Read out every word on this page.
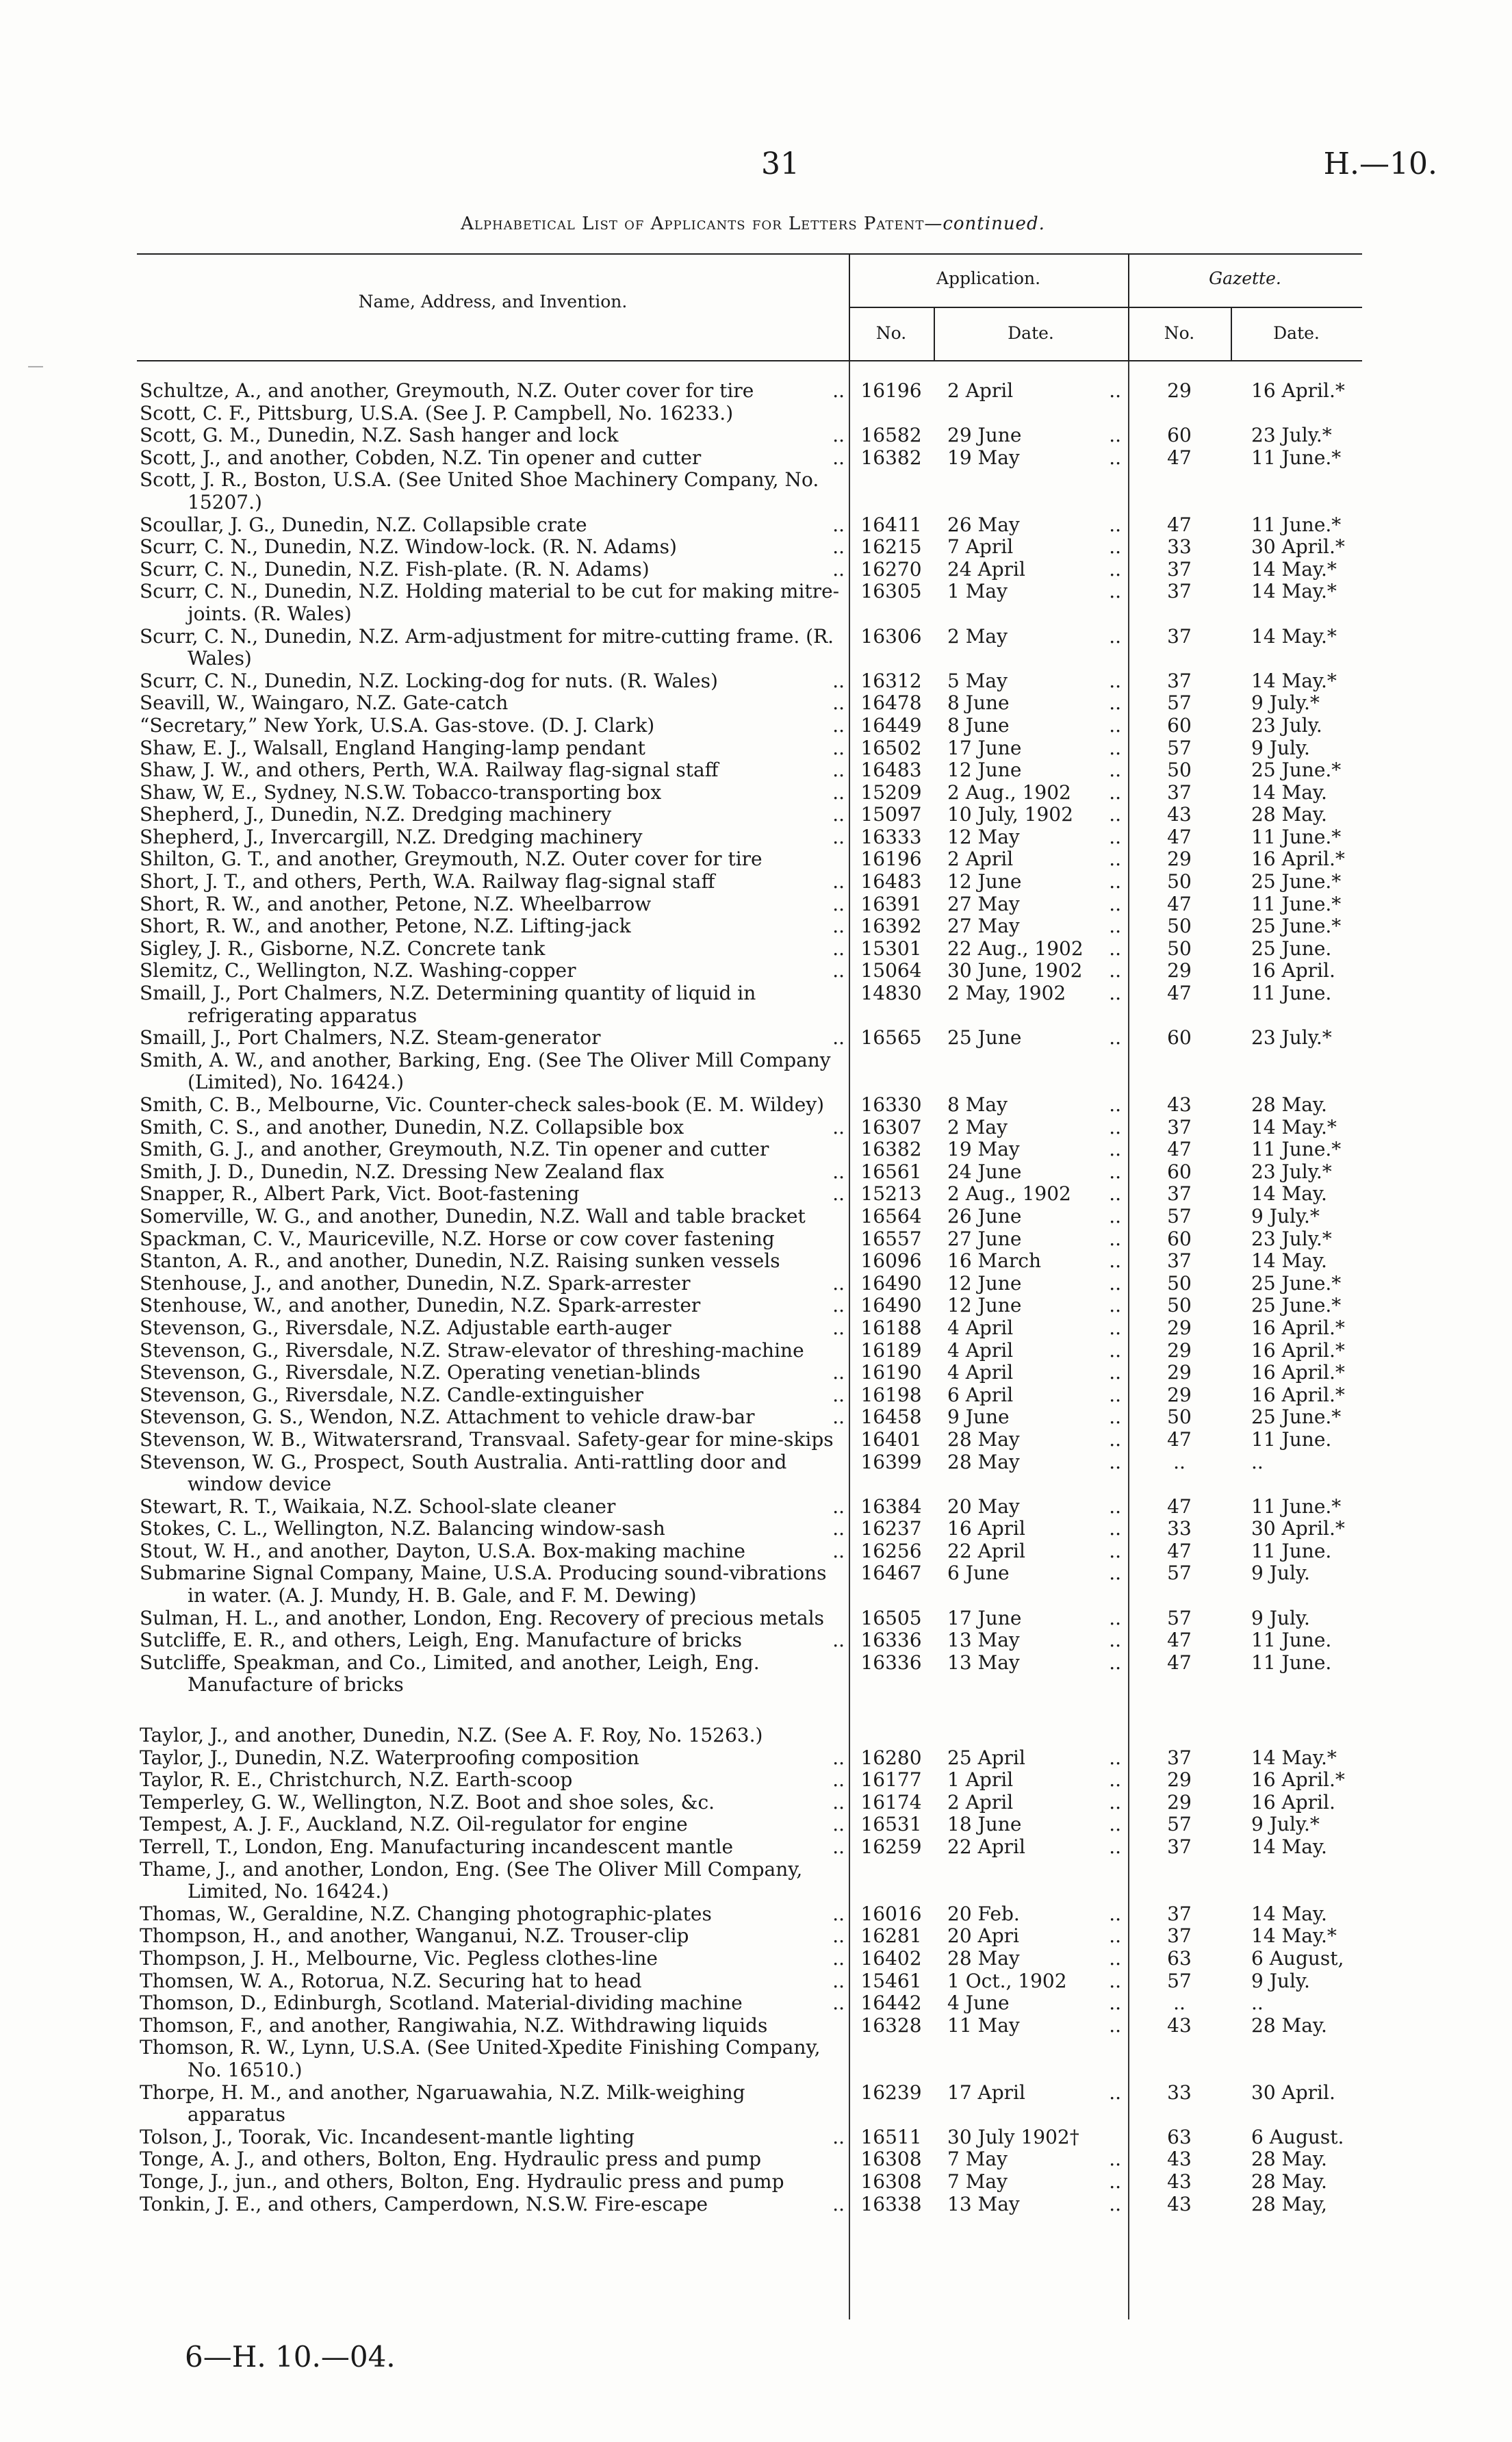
31	H.—10.
Alphabetical List of Applicants for Letters Patent—continued.
Name, Address, and Invention.
Application.	Gazette.
No.	Date.	No.	Date.
Schultze, A., and another, Greymouth, N.Z. Outer cover for tire	.. 16196	2 April	..	29	16 April.*
Scott, C. F., Pittsburg, U.S.A. (See J. P. Campbell, No. 16233.)
Scott, G. M., Dunedin, N.Z. Sash hanger and lock	.. 16582	29 June	..	60	23 July.*
Scott, J., and another, Cobden, N.Z. Tin opener and cutter	.. 16382	19 May	..	47	11 June.*
Scott, J. R., Boston, U.S.A. (See United Shoe Machinery Company, No. 15207.)
Scoullar, J. G., Dunedin, N.Z. Collapsible crate	.. 16411	26 May	..	47	11 June.*
Scurr, C. N., Dunedin, N.Z. Window-lock. (R. N. Adams)	.. 16215	7 April	..	33	30 April.*
Scurr, C. N., Dunedin, N.Z. Fish-plate. (R. N. Adams)	.. 16270	24 April	..	37	14 May.*
Scurr, C. N., Dunedin, N.Z. Holding material to be cut for making mitre-joints. (R. Wales)
16305	1 May	..	37	14 May.*
Scurr, C. N., Dunedin, N.Z. Arm-adjustment for mitre-cutting frame. (R. Wales)
16306	2 May	..	37	14 May.*
Scurr, C. N., Dunedin, N.Z. Locking-dog for nuts. (R. Wales)	.. 16312	5 May	..	37	14 May.*
Seavill, W., Waingaro, N.Z. Gate-catch	.. 16478	8 June	..	57	9 July.*
“Secretary,” New York, U.S.A. Gas-stove. (D. J. Clark)	.. 16449	8 June	..	60	23 July.
Shaw, E. J., Walsall, England Hanging-lamp pendant	.. 16502	17 June	..	57	9 July.
Shaw, J. W., and others, Perth, W.A. Railway flag-signal staff	.. 16483	12 June	..	50	25 June.*
Shaw, W, E., Sydney, N.S.W. Tobacco-transporting box	.. 15209	2 Aug., 1902 ..	37	14 May.
Shepherd, J., Dunedin, N.Z. Dredging machinery	.. 15097	10 July, 1902 ..	43	28 May.
Shepherd, J., Invercargill, N.Z. Dredging machinery	.. 16333	12 May	..	47	11 June.*
Shilton, G. T., and another, Greymouth, N.Z. Outer cover for tire	16196	2 April	..	29	16 April.*
Short, J. T., and others, Perth, W.A. Railway flag-signal staff	.. 16483	12 June	..	50	25 June.*
Short, R. W., and another, Petone, N.Z. Wheelbarrow	.. 16391	27 May	..	47	11 June.*
Short, R. W., and another, Petone, N.Z. Lifting-jack	.. 16392	27 May	..	50	25 June.*
Sigley, J. R., Gisborne, N.Z. Concrete tank	.. 15301	22 Aug., 1902 ..	50	25 June.
Slemitz, C., Wellington, N.Z. Washing-copper	.. 15064	30 June, 1902 ..	29	16 April.
Smaill, J., Port Chalmers, N.Z. Determining quantity of liquid in refrigerating apparatus
14830	2 May, 1902 ..	47	11 June.
Smaill, J., Port Chalmers, N.Z. Steam-generator	.. 16565	25 June	..	60	23 July.*
Smith, A. W., and another, Barking, Eng. (See The Oliver Mill Company (Limited), No. 16424.)
Smith, C. B., Melbourne, Vic. Counter-check sales-book (E. M. Wildey)	16330	8 May	..	43	28 May.
Smith, C. S., and another, Dunedin, N.Z. Collapsible box	.. 16307	2 May	..	37	14 May.*
Smith, G. J., and another, Greymouth, N.Z. Tin opener and cutter	16382	19 May	..	47	11 June.*
Smith, J. D., Dunedin, N.Z. Dressing New Zealand flax	.. 16561	24 June	..	60	23 July.*
Snapper, R., Albert Park, Vict. Boot-fastening	.. 15213	2 Aug., 1902 ..	37	14 May.
Somerville, W. G., and another, Dunedin, N.Z. Wall and table bracket	16564	26 June	..	57	9 July.*
Spackman, C. V., Mauriceville, N.Z. Horse or cow cover fastening	16557	27 June	..	60	23 July.*
Stanton, A. R., and another, Dunedin, N.Z. Raising sunken vessels	16096	16 March	..	37	14 May.
Stenhouse, J., and another, Dunedin, N.Z. Spark-arrester	.. 16490	12 June	..	50	25 June.*
Stenhouse, W., and another, Dunedin, N.Z. Spark-arrester	.. 16490	12 June	..	50	25 June.*
Stevenson, G., Riversdale, N.Z. Adjustable earth-auger	.. 16188	4 April	..	29	16 April.*
Stevenson, G., Riversdale, N.Z. Straw-elevator of threshing-machine	16189	4 April	..	29	16 April.*
Stevenson, G., Riversdale, N.Z. Operating venetian-blinds	.. 16190	4 April	..	29	16 April.*
Stevenson, G., Riversdale, N.Z. Candle-extinguisher	.. 16198	6 April	..	29	16 April.*
Stevenson, G. S., Wendon, N.Z. Attachment to vehicle draw-bar	.. 16458	9 June	..	50	25 June.*
Stevenson, W. B., Witwatersrand, Transvaal. Safety-gear for mine-skips	16401	28 May	..	47	11 June.
Stevenson, W. G., Prospect, South Australia. Anti-rattling door and window device
16399	28 May	..	..	..
Stewart, R. T., Waikaia, N.Z. School-slate cleaner	.. 16384	20 May	..	47	11 June.*
Stokes, C. L., Wellington, N.Z. Balancing window-sash	.. 16237	16 April	..	33	30 April.*
Stout, W. H., and another, Dayton, U.S.A. Box-making machine	.. 16256	22 April	..	47	11 June.
Submarine Signal Company, Maine, U.S.A. Producing sound-vibrations in water. (A. J. Mundy, H. B. Gale, and F. M. Dewing)
16467	6 June	..	57	9 July.
Sulman, H. L., and another, London, Eng. Recovery of precious metals	16505	17 June	..	57	9 July.
Sutcliffe, E. R., and others, Leigh, Eng. Manufacture of bricks	.. 16336	13 May	..	47	11 June.
Sutcliffe, Speakman, and Co., Limited, and another, Leigh, Eng. Manufacture of bricks
16336	13 May	..	47	11 June.
Taylor, J., and another, Dunedin, N.Z. (See A. F. Roy, No. 15263.)
Taylor, J., Dunedin, N.Z. Waterproofing composition	.. 16280	25 April	..	37	14 May.*
Taylor, R. E., Christchurch, N.Z. Earth-scoop	.. 16177	1 April	..	29	16 April.*
Temperley, G. W., Wellington, N.Z. Boot and shoe soles, &c.	.. 16174	2 April	..	29	16 April.
Tempest, A. J. F., Auckland, N.Z. Oil-regulator for engine	.. 16531	18 June	..	57	9 July.*
Terrell, T., London, Eng. Manufacturing incandescent mantle	.. 16259	22 April	..	37	14 May.
Thame, J., and another, London, Eng. (See The Oliver Mill Company, Limited, No. 16424.)
Thomas, W., Geraldine, N.Z. Changing photographic-plates	.. 16016	20 Feb.	..	37	14 May.
Thompson, H., and another, Wanganui, N.Z. Trouser-clip	.. 16281	20 Apri	..	37	14 May.*
Thompson, J. H., Melbourne, Vic. Pegless clothes-line	.. 16402	28 May	..	63	6 August,
Thomsen, W. A., Rotorua, N.Z. Securing hat to head	.. 15461	1 Oct., 1902 ..	57	9 July.
Thomson, D., Edinburgh, Scotland. Material-dividing machine	.. 16442	4 June	..	..	..
Thomson, F., and another, Rangiwahia, N.Z. Withdrawing liquids	16328	11 May	..	43	28 May.
Thomson, R. W., Lynn, U.S.A. (See United-Xpedite Finishing Company, No. 16510.)
Thorpe, H. M., and another, Ngaruawahia, N.Z. Milk-weighing apparatus
16239	17 April	..	33	30 April.
Tolson, J., Toorak, Vic. Incandesent-mantle lighting	.. 16511	30 July 1902†	63	6 August.
Tonge, A. J., and others, Bolton, Eng. Hydraulic press and pump	16308	7 May	..	43	28 May.
Tonge, J., jun., and others, Bolton, Eng. Hydraulic press and pump	16308	7 May	..	43	28 May.
Tonkin, J. E., and others, Camperdown, N.S.W. Fire-escape	.. 16338	13 May	..	43	28 May,
6—H. 10.—04.
—
